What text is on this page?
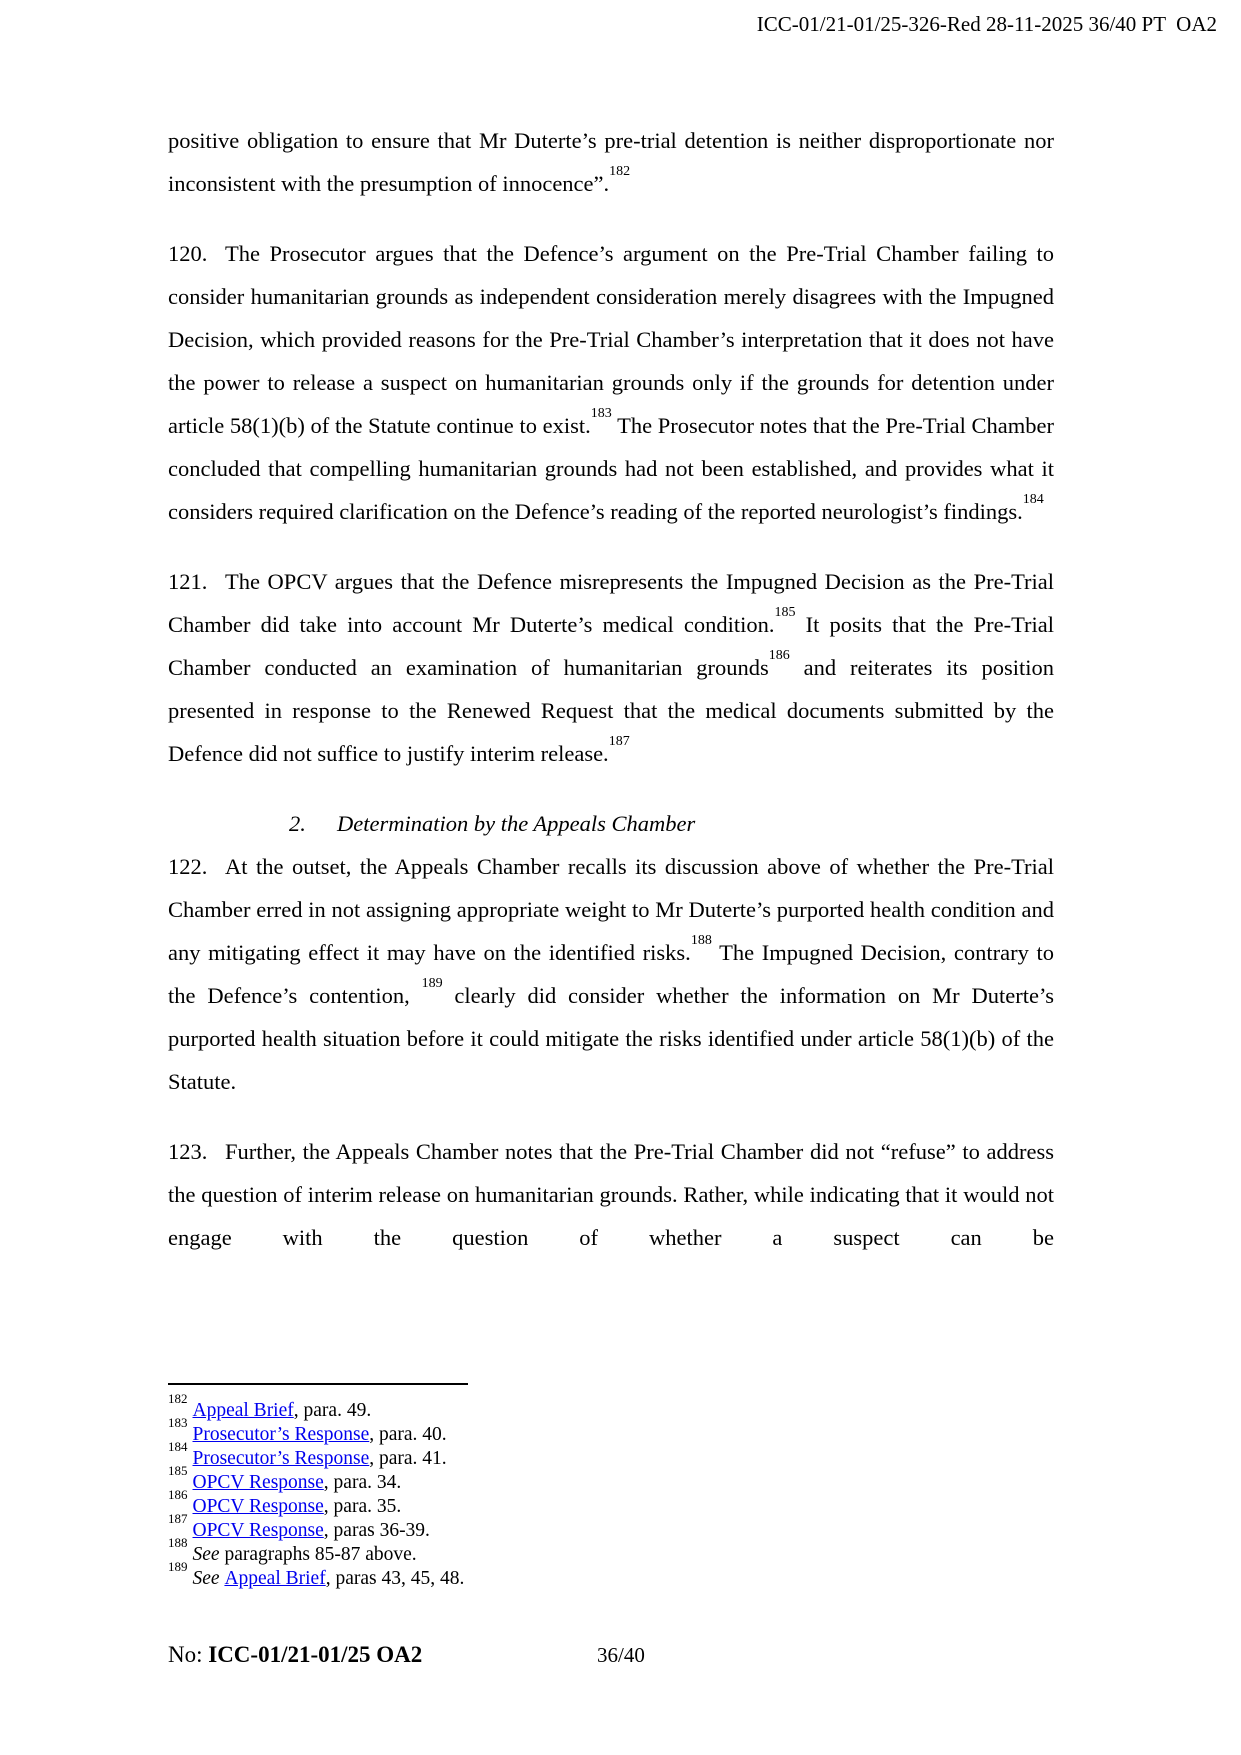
ICC-01/21-01/25-326-Red 28-11-2025 36/40 PT  OA2

positive obligation to ensure that Mr Duterte’s pre-trial detention is neither disproportionate nor inconsistent with the presumption of innocence”.$^{182}$

120. The Prosecutor argues that the Defence’s argument on the Pre-Trial Chamber failing to consider humanitarian grounds as independent consideration merely disagrees with the Impugned Decision, which provided reasons for the Pre-Trial Chamber’s interpretation that it does not have the power to release a suspect on humanitarian grounds only if the grounds for detention under article 58(1)(b) of the Statute continue to exist.$^{183}$ The Prosecutor notes that the Pre-Trial Chamber concluded that compelling humanitarian grounds had not been established, and provides what it considers required clarification on the Defence’s reading of the reported neurologist’s findings.$^{184}$

121. The OPCV argues that the Defence misrepresents the Impugned Decision as the Pre-Trial Chamber did take into account Mr Duterte’s medical condition.$^{185}$ It posits that the Pre-Trial Chamber conducted an examination of humanitarian grounds$^{186}$ and reiterates its position presented in response to the Renewed Request that the medical documents submitted by the Defence did not suffice to justify interim release.$^{187}$

2. Determination by the Appeals Chamber

122. At the outset, the Appeals Chamber recalls its discussion above of whether the Pre-Trial Chamber erred in not assigning appropriate weight to Mr Duterte’s purported health condition and any mitigating effect it may have on the identified risks.$^{188}$ The Impugned Decision, contrary to the Defence’s contention, $^{189}$ clearly did consider whether the information on Mr Duterte’s purported health situation before it could mitigate the risks identified under article 58(1)(b) of the Statute.

123. Further, the Appeals Chamber notes that the Pre-Trial Chamber did not “refuse” to address the question of interim release on humanitarian grounds. Rather, while indicating that it would not engage with the question of whether a suspect can be

$^{182}$Appeal Brief, para. 49.
$^{183}$Prosecutor’s Response, para. 40.
$^{184}$Prosecutor’s Response, para. 41.
$^{185}$OPCV Response, para. 34.
$^{186}$OPCV Response, para. 35.
$^{187}$OPCV Response, paras 36-39.
$^{188}$See paragraphs 85-87 above.
$^{189}$See Appeal Brief, paras 43, 45, 48.
No: ICC-01/21-01/25 OA2	36/40
